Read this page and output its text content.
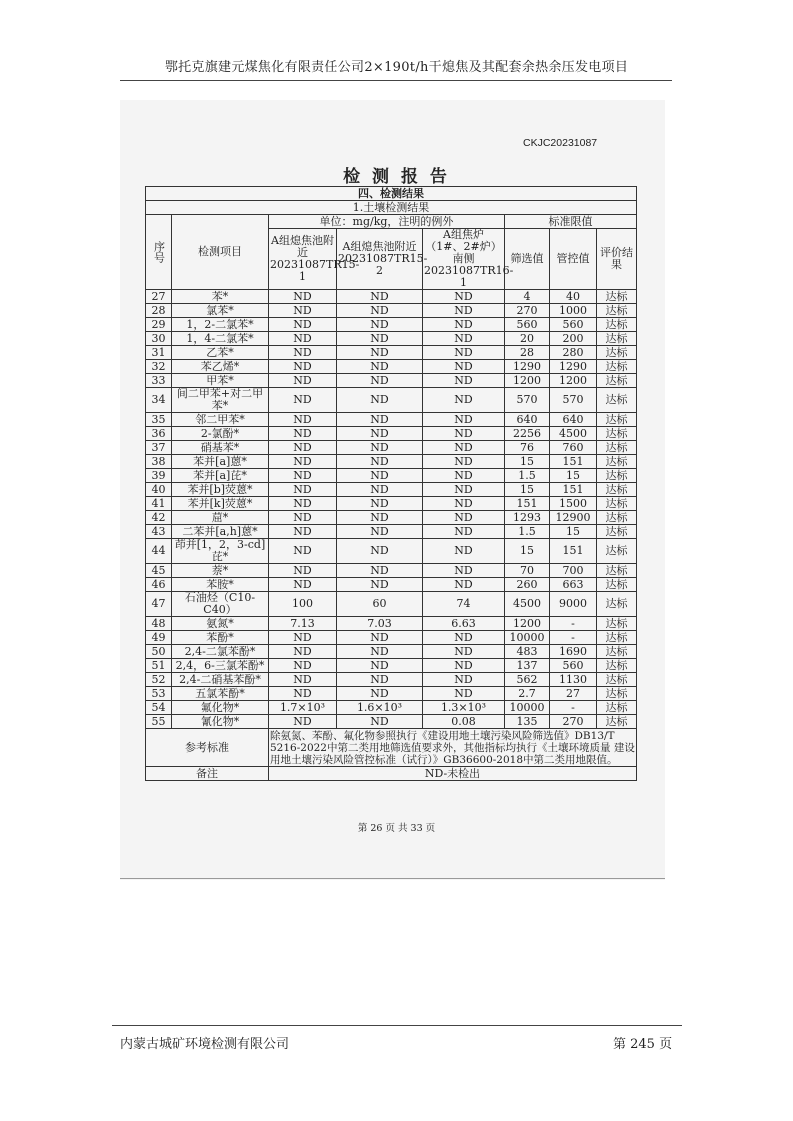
鄂托克旗建元煤焦化有限责任公司2×190t/h干熄焦及其配套余热余压发电项目
CKJC20231087
检 测 报 告
四、检测结果							
1.土壤检测结果							
序号	检测项目	单位：mg/kg，注明的例外			标准限值		
		A组熄焦池附近20231087TR15-1	A组熄焦池附近20231087TR15-2	A组焦炉（1#、2#炉）南侧20231087TR16-1	筛选值	管控值	评价结果
27	苯*	ND	ND	ND	4	40	达标
28	氯苯*	ND	ND	ND	270	1000	达标
29	1，2-二氯苯*	ND	ND	ND	560	560	达标
30	1，4-二氯苯*	ND	ND	ND	20	200	达标
31	乙苯*	ND	ND	ND	28	280	达标
32	苯乙烯*	ND	ND	ND	1290	1290	达标
33	甲苯*	ND	ND	ND	1200	1200	达标
34	间二甲苯+对二甲苯*	ND	ND	ND	570	570	达标
35	邻二甲苯*	ND	ND	ND	640	640	达标
36	2-氯酚*	ND	ND	ND	2256	4500	达标
37	硝基苯*	ND	ND	ND	76	760	达标
38	苯并[a]蒽*	ND	ND	ND	15	151	达标
39	苯并[a]芘*	ND	ND	ND	1.5	15	达标
40	苯并[b]荧蒽*	ND	ND	ND	15	151	达标
41	苯并[k]荧蒽*	ND	ND	ND	151	1500	达标
42	䓛*	ND	ND	ND	1293	12900	达标
43	二苯并[a,h]蒽*	ND	ND	ND	1.5	15	达标
44	茚并[1，2，3-cd]芘*	ND	ND	ND	15	151	达标
45	萘*	ND	ND	ND	70	700	达标
46	苯胺*	ND	ND	ND	260	663	达标
47	石油烃（C10-C40）	100	60	74	4500	9000	达标
48	氨氮*	7.13	7.03	6.63	1200	-	达标
49	苯酚*	ND	ND	ND	10000	-	达标
50	2,4-二氯苯酚*	ND	ND	ND	483	1690	达标
51	2,4，6-三氯苯酚*	ND	ND	ND	137	560	达标
52	2,4-二硝基苯酚*	ND	ND	ND	562	1130	达标
53	五氯苯酚*	ND	ND	ND	2.7	27	达标
54	氟化物*	1.7×10³	1.6×10³	1.3×10³	10000	-	达标
55	氰化物*	ND	ND	0.08	135	270	达标
参考标准		除氨氮、苯酚、氟化物参照执行《建设用地土壤污染风险筛选值》DB13/T 5216-2022中第二类用地筛选值要求外，其他指标均执行《土壤环境质量 建设用地土壤污染风险管控标准（试行）》GB36600-2018中第二类用地限值。					
备注		ND-未检出					
第 26 页 共 33 页
内蒙古城矿环境检测有限公司	第 245 页
